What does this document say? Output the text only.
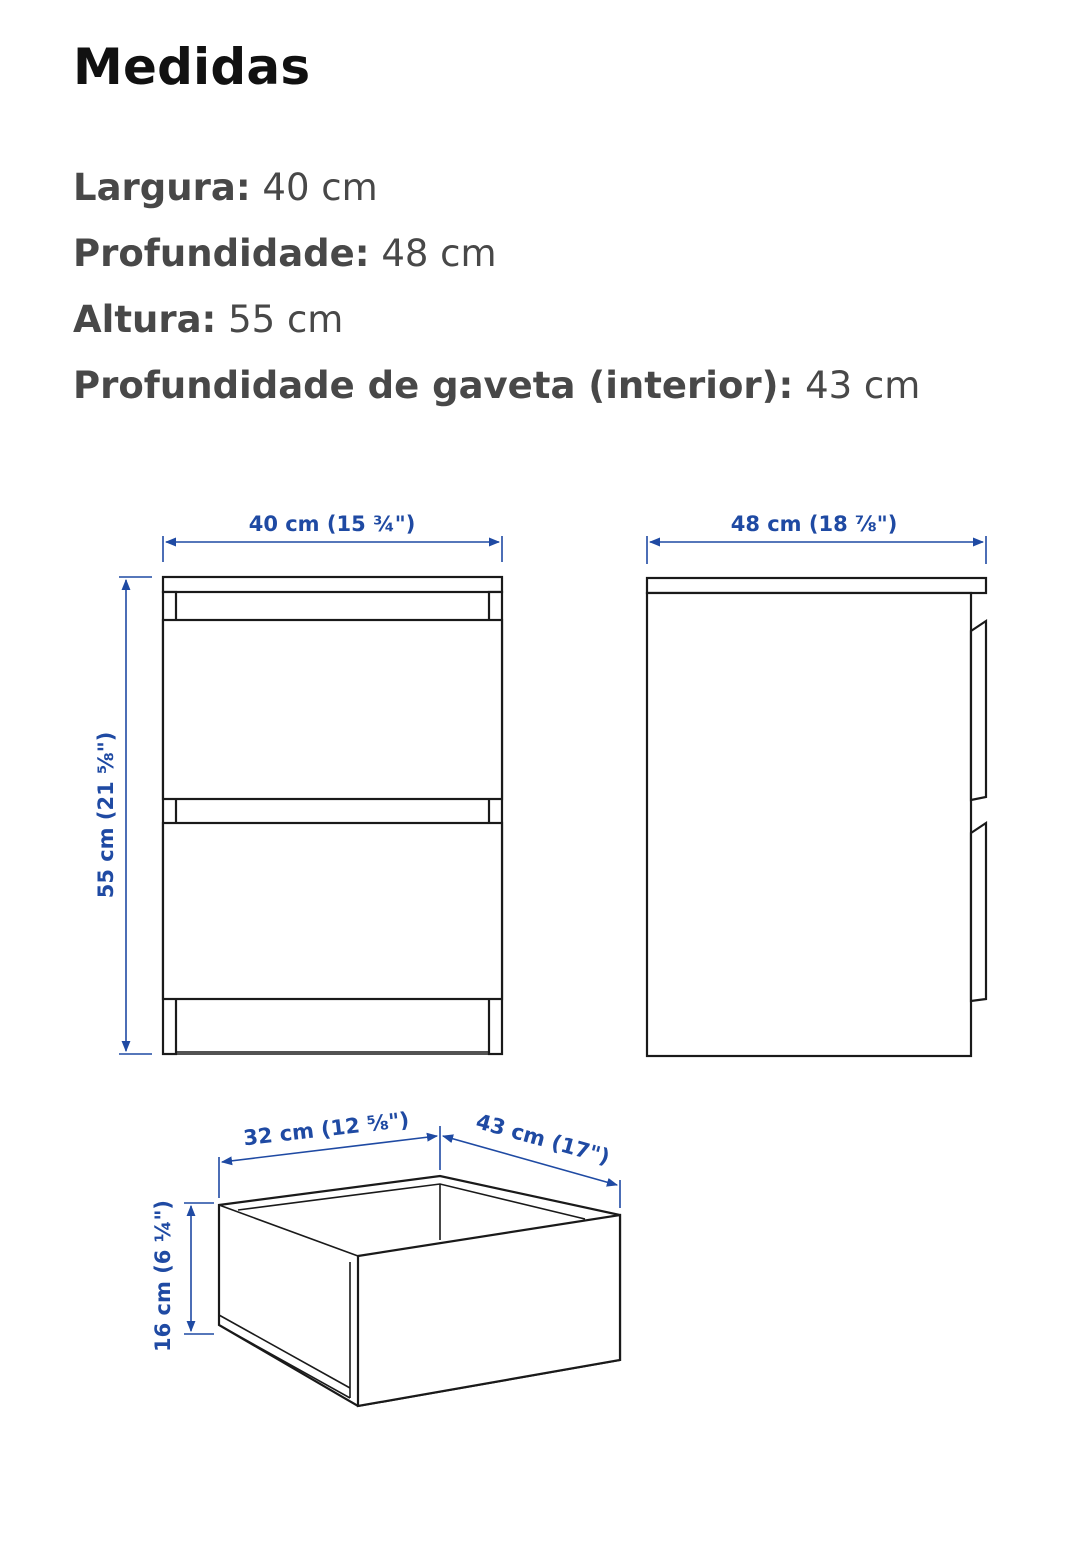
Medidas

Largura: 40 cm

Profundidade: 48 cm

Altura: 55 cm

Profundidade de gaveta (interior): 43 cm

40 cm (15 ¾")
55 cm (21 ⅝")
48 cm (18 ⅞")
32 cm (12 ⅝")	43 cm (17")
16 cm (6 ¼")
